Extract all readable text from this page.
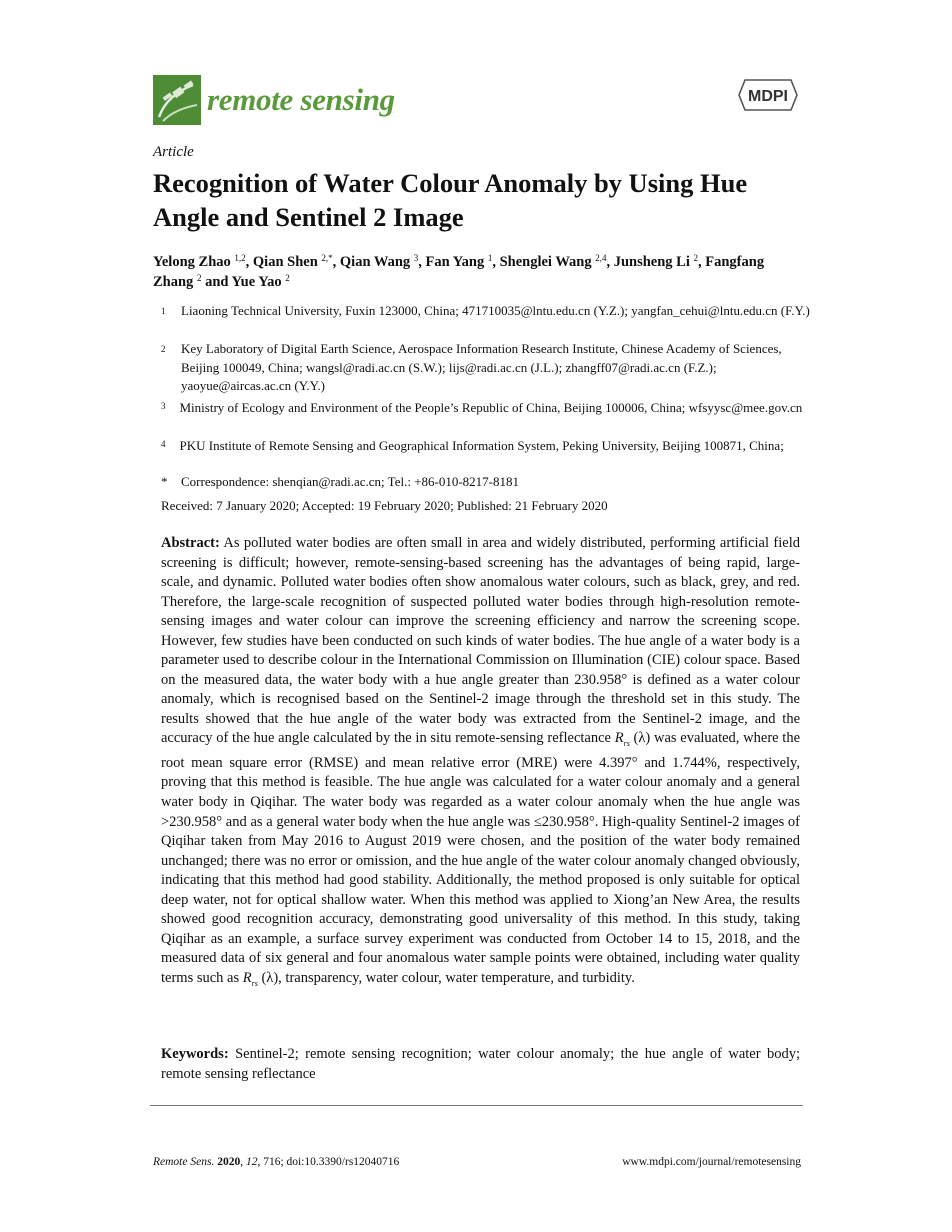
remote sensing	MDPI
Article
Recognition of Water Colour Anomaly by Using Hue Angle and Sentinel 2 Image
Yelong Zhao $^{1,2}$, Qian Shen $^{2,*}$, Qian Wang $^3$, Fan Yang $^1$, Shenglei Wang $^{2,4}$, Junsheng Li $^2$, Fangfang Zhang $^2$ and Yue Yao $^2$
1 Liaoning Technical University, Fuxin 123000, China; 471710035@lntu.edu.cn (Y.Z.); yangfan_cehui@lntu.edu.cn (F.Y.)
2 Key Laboratory of Digital Earth Science, Aerospace Information Research Institute, Chinese Academy of Sciences, Beijing 100049, China; wangsl@radi.ac.cn (S.W.); lijs@radi.ac.cn (J.L.); zhangff07@radi.ac.cn (F.Z.); yaoyue@aircas.ac.cn (Y.Y.)
$^3$ Ministry of Ecology and Environment of the People’s Republic of China, Beijing 100006, China; wfsyysc@mee.gov.cn
$^4$ PKU Institute of Remote Sensing and Geographical Information System, Peking University, Beijing 100871, China;
* Correspondence: shenqian@radi.ac.cn; Tel.: +86-010-8217-8181
Received: 7 January 2020; Accepted: 19 February 2020; Published: 21 February 2020
Abstract: As polluted water bodies are often small in area and widely distributed, performing artificial field screening is difficult; however, remote-sensing-based screening has the advantages of being rapid, large-scale, and dynamic. Polluted water bodies often show anomalous water colours, such as black, grey, and red. Therefore, the large-scale recognition of suspected polluted water bodies through high-resolution remote-sensing images and water colour can improve the screening efficiency and narrow the screening scope. However, few studies have been conducted on such kinds of water bodies. The hue angle of a water body is a parameter used to describe colour in the International Commission on Illumination (CIE) colour space. Based on the measured data, the water body with a hue angle greater than 230.958° is defined as a water colour anomaly, which is recognised based on the Sentinel-2 image through the threshold set in this study. The results showed that the hue angle of the water body was extracted from the Sentinel-2 image, and the accuracy of the hue angle calculated by the in situ remote-sensing reflectance $R_{rs}$ (λ) was evaluated, where the root mean square error (RMSE) and mean relative error (MRE) were 4.397° and 1.744%, respectively, proving that this method is feasible. The hue angle was calculated for a water colour anomaly and a general water body in Qiqihar. The water body was regarded as a water colour anomaly when the hue angle was >230.958° and as a general water body when the hue angle was ≤230.958°. High-quality Sentinel-2 images of Qiqihar taken from May 2016 to August 2019 were chosen, and the position of the water body remained unchanged; there was no error or omission, and the hue angle of the water colour anomaly changed obviously, indicating that this method had good stability. Additionally, the method proposed is only suitable for optical deep water, not for optical shallow water. When this method was applied to Xiong’an New Area, the results showed good recognition accuracy, demonstrating good universality of this method. In this study, taking Qiqihar as an example, a surface survey experiment was conducted from October 14 to 15, 2018, and the measured data of six general and four anomalous water sample points were obtained, including water quality terms such as $R_{rs}$ (λ), transparency, water colour, water temperature, and turbidity.
Keywords: Sentinel-2; remote sensing recognition; water colour anomaly; the hue angle of water body; remote sensing reflectance
Remote Sens. 2020, 12, 716; doi:10.3390/rs12040716	www.mdpi.com/journal/remotesensing
